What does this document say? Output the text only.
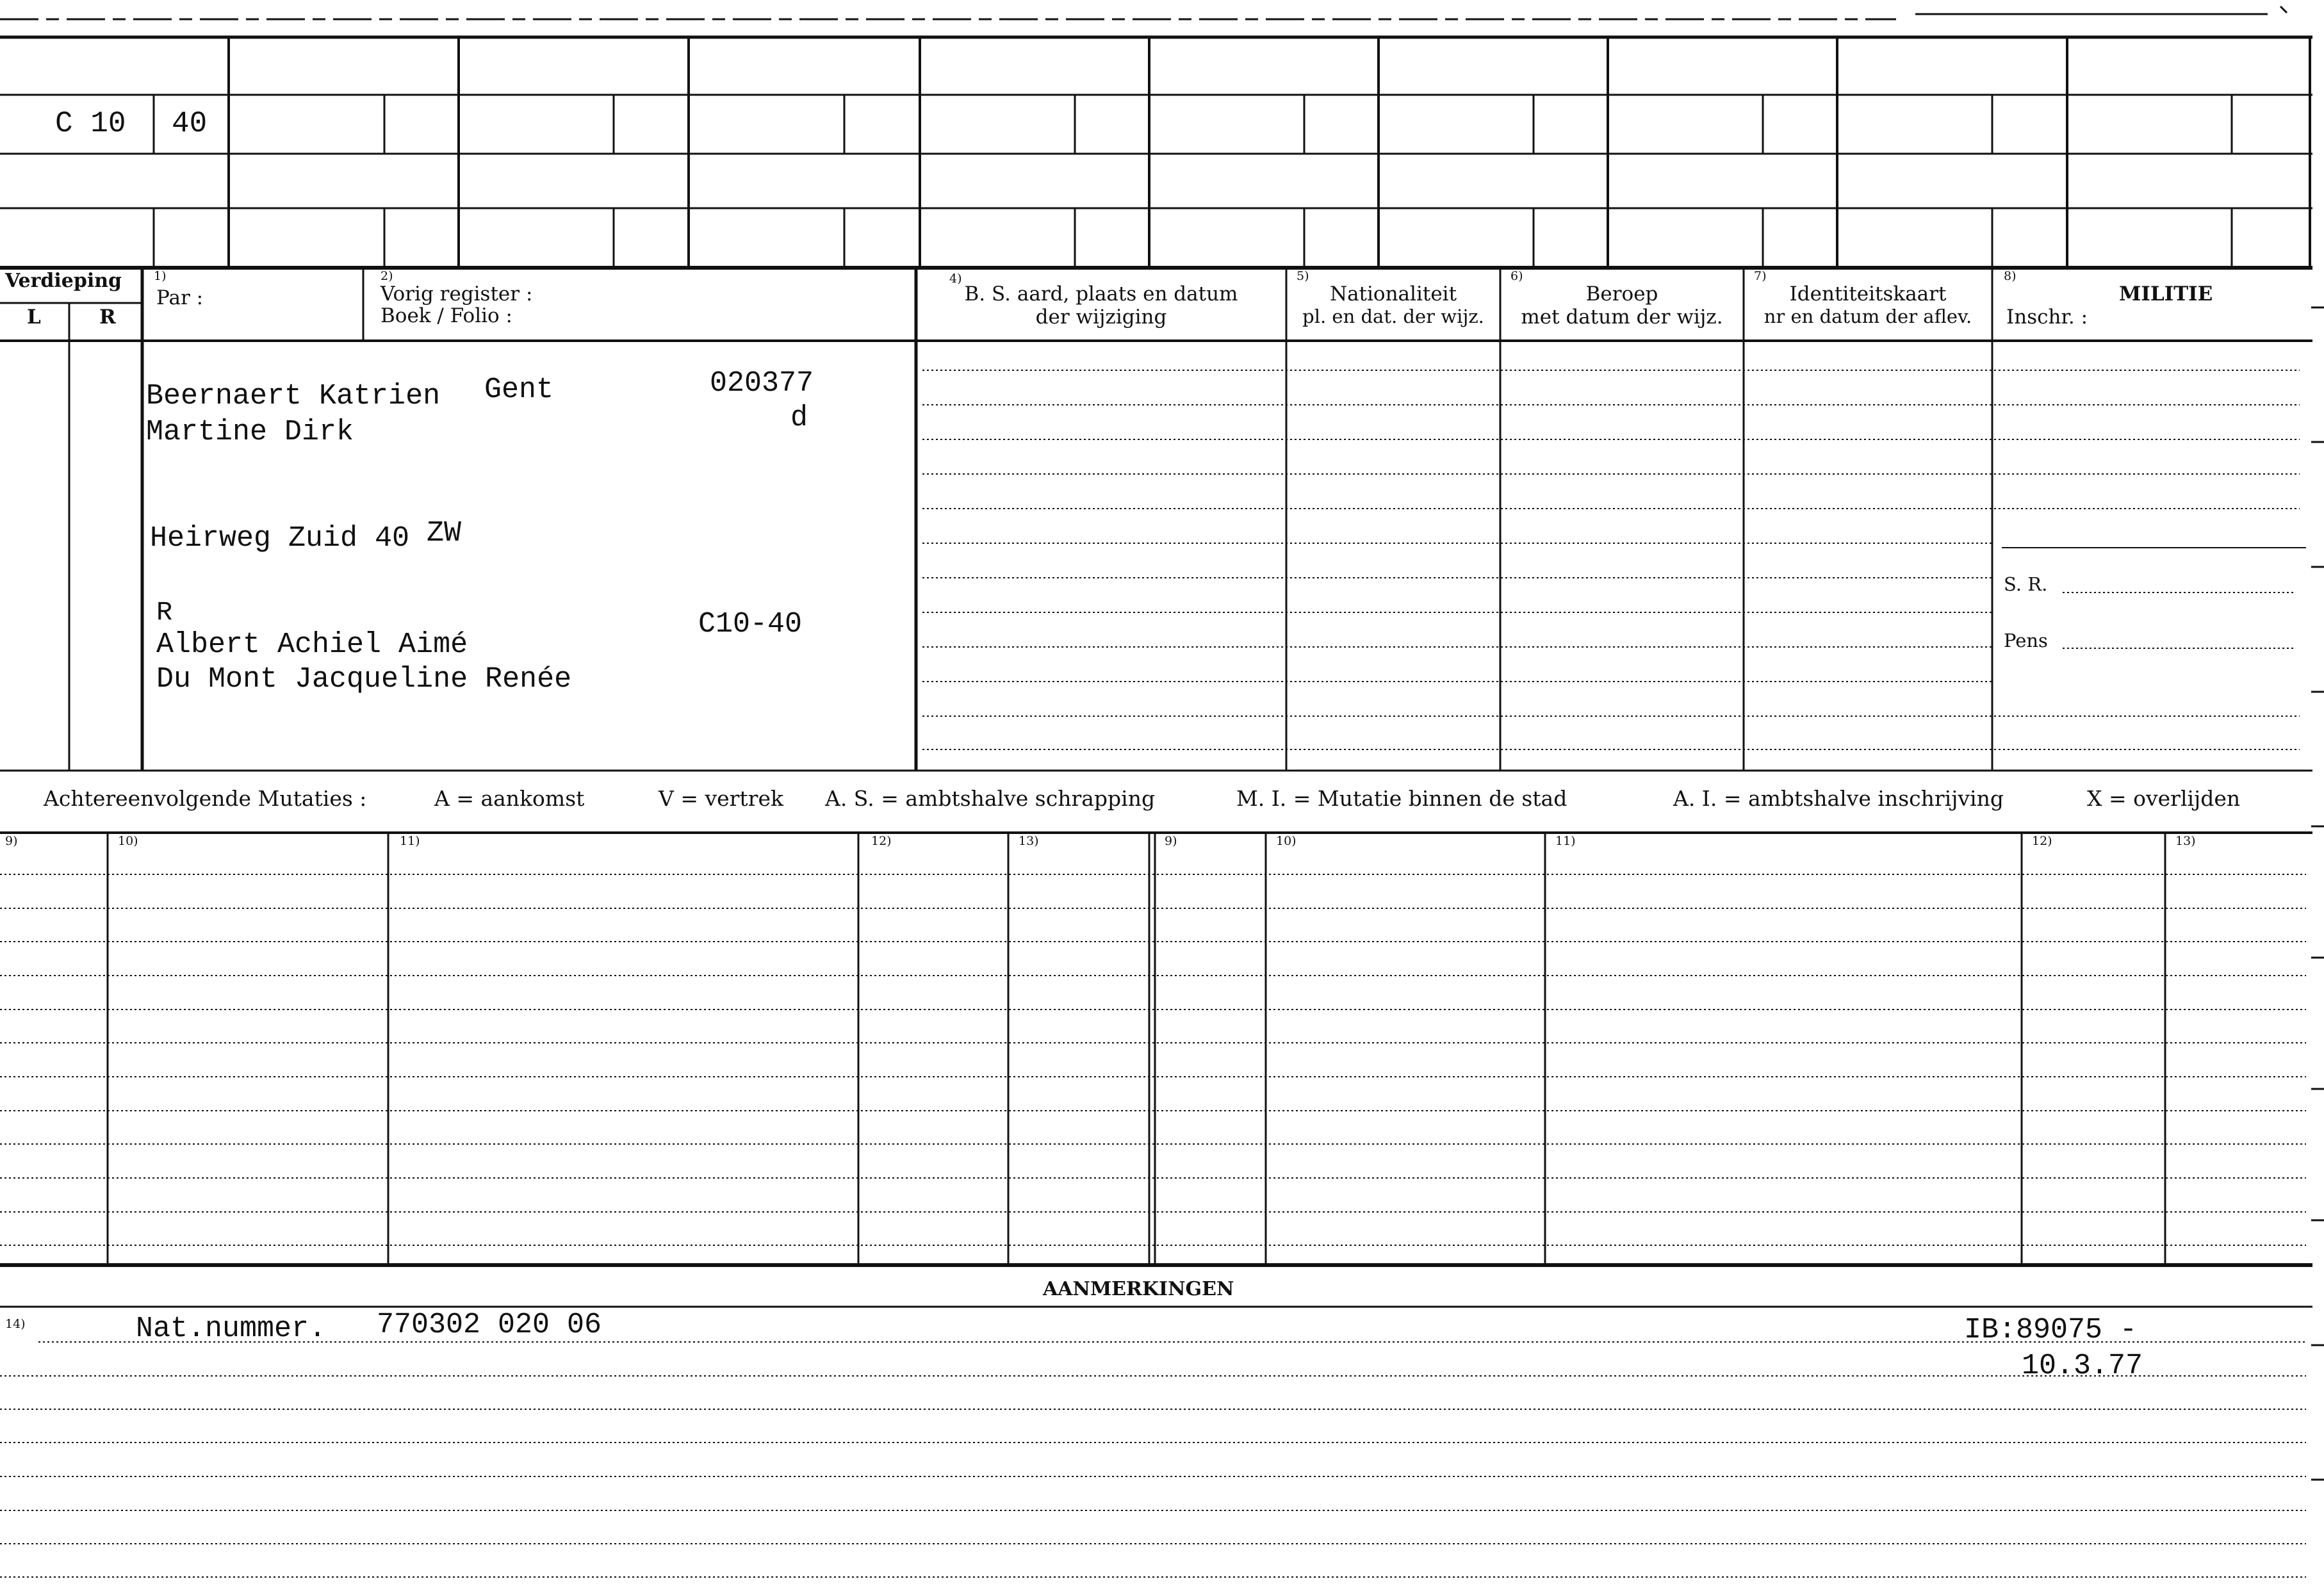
C 10 40
Verdieping
L	R
1)
Par :
2)
Vorig register :
Boek / Folio :
4)
B. S. aard, plaats en datum
der wijziging
5)
Nationaliteit
pl. en dat. der wijz.
6)
Beroep
met datum der wijz.
7)
Identiteitskaart
nr en datum der aflev.
8)
MILITIE
Inschr. :
S. R.
Pens
Beernaert Katrien Gent	020377
d
Martine Dirk
Heirweg Zuid 40 ZW
R
Albert Achiel Aimé
C10-40
Du Mont Jacqueline Renée
Achtereenvolgende Mutaties :	A = aankomst	V = vertrek A. S. = ambtshalve schrapping	M. I. = Mutatie binnen de stad	A. I. = ambtshalve inschrijving	X = overlijden
9)	10)	11)	12)	13)	9)	10)	11)	12)	13)
AANMERKINGEN
14)	Nat.nummer. 770302 020 06	IB:89075 -
10.3.77
